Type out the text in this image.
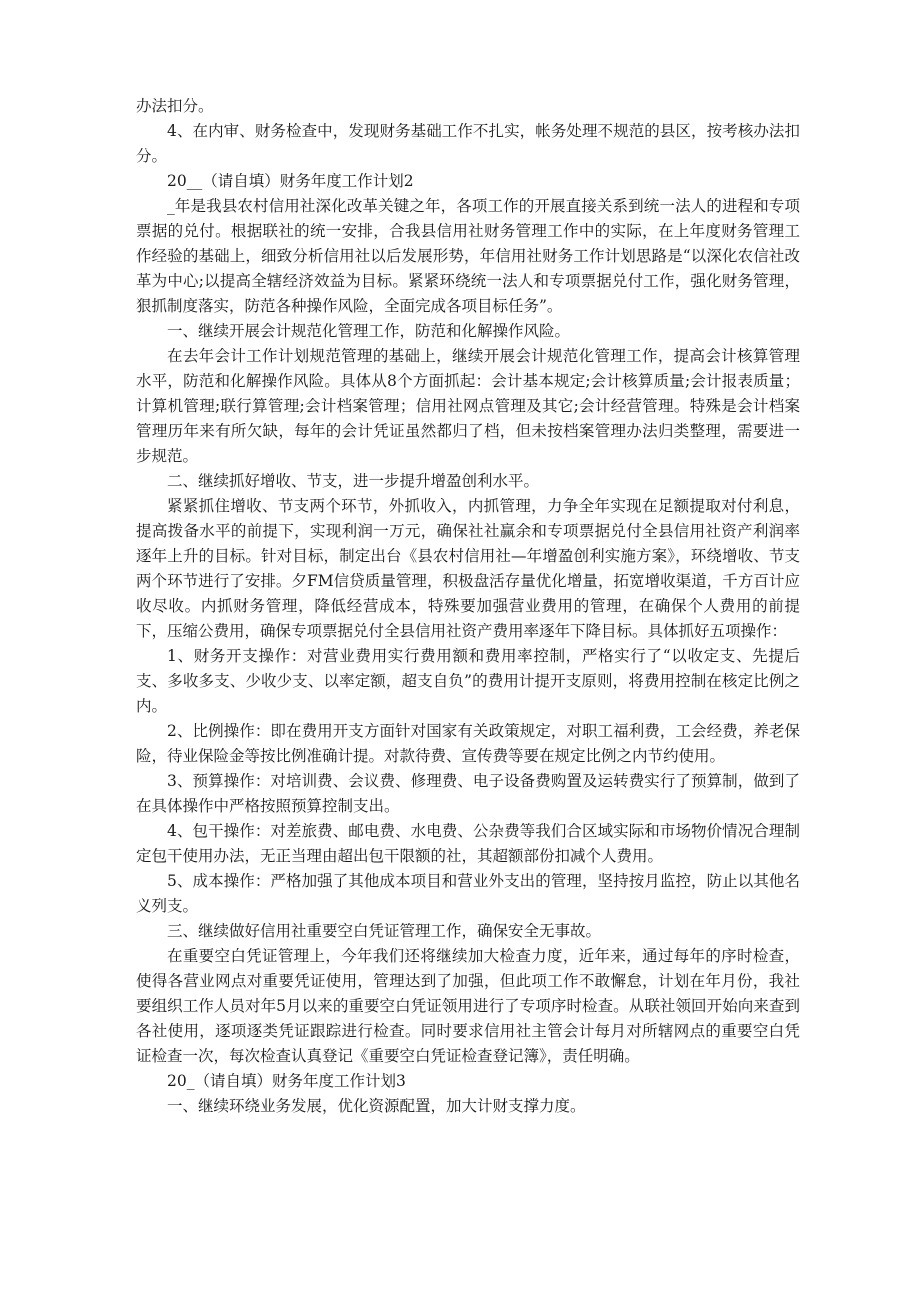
办法扣分。

4、在内审、财务检查中，发现财务基础工作不扎实，帐务处理不规范的县区，按考核办法扣分。

20__（请自填）财务年度工作计划2

_年是我县农村信用社深化改革关键之年，各项工作的开展直接关系到统一法人的进程和专项票据的兑付。根据联社的统一安排，合我县信用社财务管理工作中的实际，在上年度财务管理工作经验的基础上，细致分析信用社以后发展形势，年信用社财务工作计划思路是“以深化农信社改革为中心;以提高全辖经济效益为目标。紧紧环绕统一法人和专项票据兑付工作，强化财务管理，狠抓制度落实，防范各种操作风险，全面完成各项目标任务”。

一、继续开展会计规范化管理工作，防范和化解操作风险。

在去年会计工作计划规范管理的基础上，继续开展会计规范化管理工作，提高会计核算管理水平，防范和化解操作风险。具体从8个方面抓起：会计基本规定;会计核算质量;会计报表质量；计算机管理;联行算管理;会计档案管理；信用社网点管理及其它;会计经营管理。特殊是会计档案管理历年来有所欠缺，每年的会计凭证虽然都归了档，但未按档案管理办法归类整理，需要进一步规范。

二、继续抓好增收、节支，进一步提升增盈创利水平。

紧紧抓住增收、节支两个环节，外抓收入，内抓管理，力争全年实现在足额提取对付利息，提高拨备水平的前提下，实现利润一万元，确保社社赢余和专项票据兑付全县信用社资产利润率逐年上升的目标。针对目标，制定出台《县农村信用社—年增盈创利实施方案》，环绕增收、节支两个环节进行了安排。夕FM信贷质量管理，积极盘活存量优化增量，拓宽增收渠道，千方百计应收尽收。内抓财务管理，降低经营成本，特殊要加强营业费用的管理，在确保个人费用的前提下，压缩公费用，确保专项票据兑付全县信用社资产费用率逐年下降目标。具体抓好五项操作：

1、财务开支操作：对营业费用实行费用额和费用率控制，严格实行了“以收定支、先提后支、多收多支、少收少支、以率定额，超支自负”的费用计提开支原则，将费用控制在核定比例之内。

2、比例操作：即在费用开支方面针对国家有关政策规定，对职工福利费，工会经费，养老保险，待业保险金等按比例准确计提。对款待费、宣传费等要在规定比例之内节约使用。

3、预算操作：对培训费、会议费、修理费、电子设备费购置及运转费实行了预算制，做到了在具体操作中严格按照预算控制支出。

4、包干操作：对差旅费、邮电费、水电费、公杂费等我们合区域实际和市场物价情况合理制定包干使用办法，无正当理由超出包干限额的社，其超额部份扣减个人费用。

5、成本操作：严格加强了其他成本项目和营业外支出的管理，坚持按月监控，防止以其他名义列支。

三、继续做好信用社重要空白凭证管理工作，确保安全无事故。

在重要空白凭证管理上，今年我们还将继续加大检查力度，近年来，通过每年的序时检查，使得各营业网点对重要凭证使用，管理达到了加强，但此项工作不敢懈怠，计划在年月份，我社要组织工作人员对年5月以来的重要空白凭证领用进行了专项序时检查。从联社领回开始向来查到各社使用，逐项逐类凭证跟踪进行检查。同时要求信用社主管会计每月对所辖网点的重要空白凭证检查一次，每次检查认真登记《重要空白凭证检查登记簿》，责任明确。

20_（请自填）财务年度工作计划3

一、继续环绕业务发展，优化资源配置，加大计财支撑力度。
